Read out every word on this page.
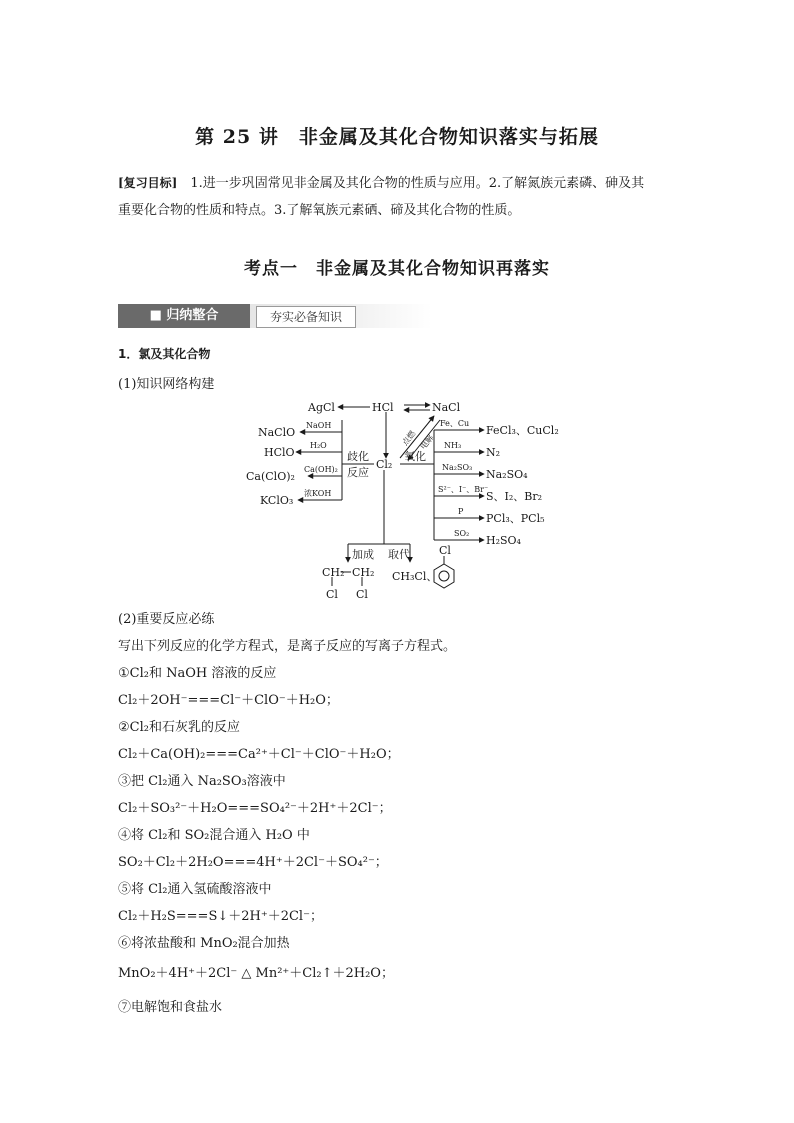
第 25 讲　非金属及其化合物知识落实与拓展
[复习目标]　1.进一步巩固常见非金属及其化合物的性质与应用。2.了解氮族元素磷、砷及其
重要化合物的性质和特点。3.了解氧族元素硒、碲及其化合物的性质。
考点一　非金属及其化合物知识再落实
■ 归纳整合	夯实必备知识
1．氯及其化合物
(1)知识网络构建
AgCl	HCl	NaCl
点燃 电解
Cl₂
歧化
反应
氧化
NaClO
HClO
Ca(ClO)₂
KClO₃
NaOH
H₂O
Ca(OH)₂
浓KOH
Fe、Cu
NH₃
Na₂SO₃
S²⁻、I⁻、Br⁻
P
SO₂
FeCl₃、CuCl₂
N₂
Na₂SO₄
S、I₂、Br₂
PCl₃、PCl₅
H₂SO₄
加成 取代
CH₂ CH₂
Cl Cl
CH₃Cl、
Cl
(2)重要反应必练
写出下列反应的化学方程式，是离子反应的写离子方程式。
①Cl₂和 NaOH 溶液的反应
Cl₂＋2OH⁻===Cl⁻＋ClO⁻＋H₂O；
②Cl₂和石灰乳的反应
Cl₂＋Ca(OH)₂===Ca²⁺＋Cl⁻＋ClO⁻＋H₂O；
③把 Cl₂通入 Na₂SO₃溶液中
Cl₂＋SO₃²⁻＋H₂O===SO₄²⁻＋2H⁺＋2Cl⁻；
④将 Cl₂和 SO₂混合通入 H₂O 中
SO₂＋Cl₂＋2H₂O===4H⁺＋2Cl⁻＋SO₄²⁻；
⑤将 Cl₂通入氢硫酸溶液中
Cl₂＋H₂S===S↓＋2H⁺＋2Cl⁻；
⑥将浓盐酸和 MnO₂混合加热
MnO₂＋4H⁺＋2Cl⁻ △ Mn²⁺＋Cl₂↑＋2H₂O；
⑦电解饱和食盐水
